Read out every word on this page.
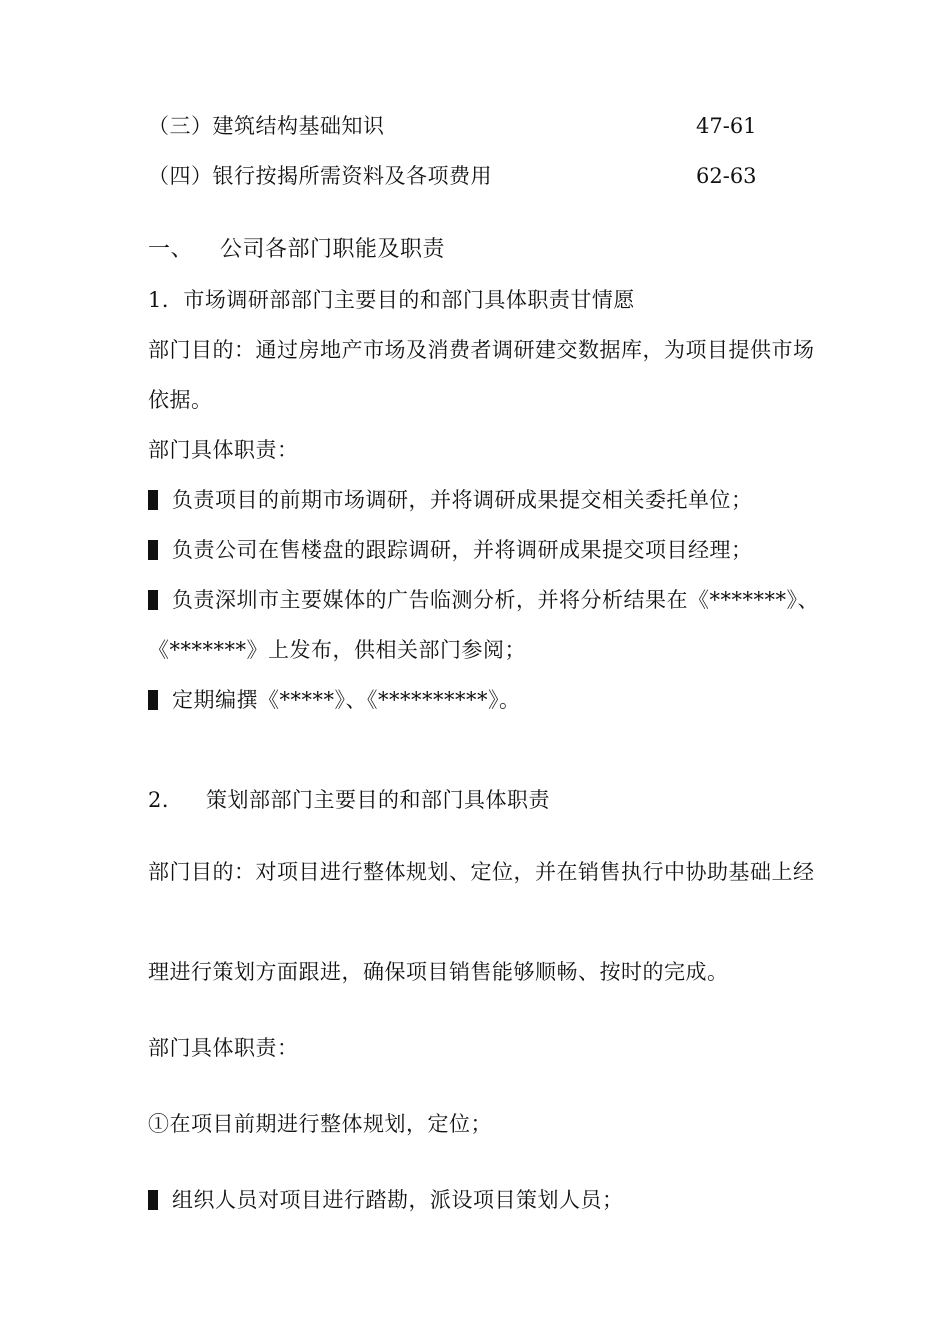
（三）建筑结构基础知识	47-61
（四）银行按揭所需资料及各项费用	62-63
一、 公司各部门职能及职责
1．市场调研部部门主要目的和部门具体职责甘情愿
部门目的：通过房地产市场及消费者调研建交数据库，为项目提供市场
依据。
部门具体职责：
负责项目的前期市场调研，并将调研成果提交相关委托单位；
负责公司在售楼盘的跟踪调研，并将调研成果提交项目经理；
负责深圳市主要媒体的广告临测分析，并将分析结果在《*******》、
《*******》上发布，供相关部门参阅；
定期编撰《*****》、《**********》。
2． 策划部部门主要目的和部门具体职责
部门目的：对项目进行整体规划、定位，并在销售执行中协助基础上经
理进行策划方面跟进，确保项目销售能够顺畅、按时的完成。
部门具体职责：
①在项目前期进行整体规划，定位；
组织人员对项目进行踏勘，派设项目策划人员；
